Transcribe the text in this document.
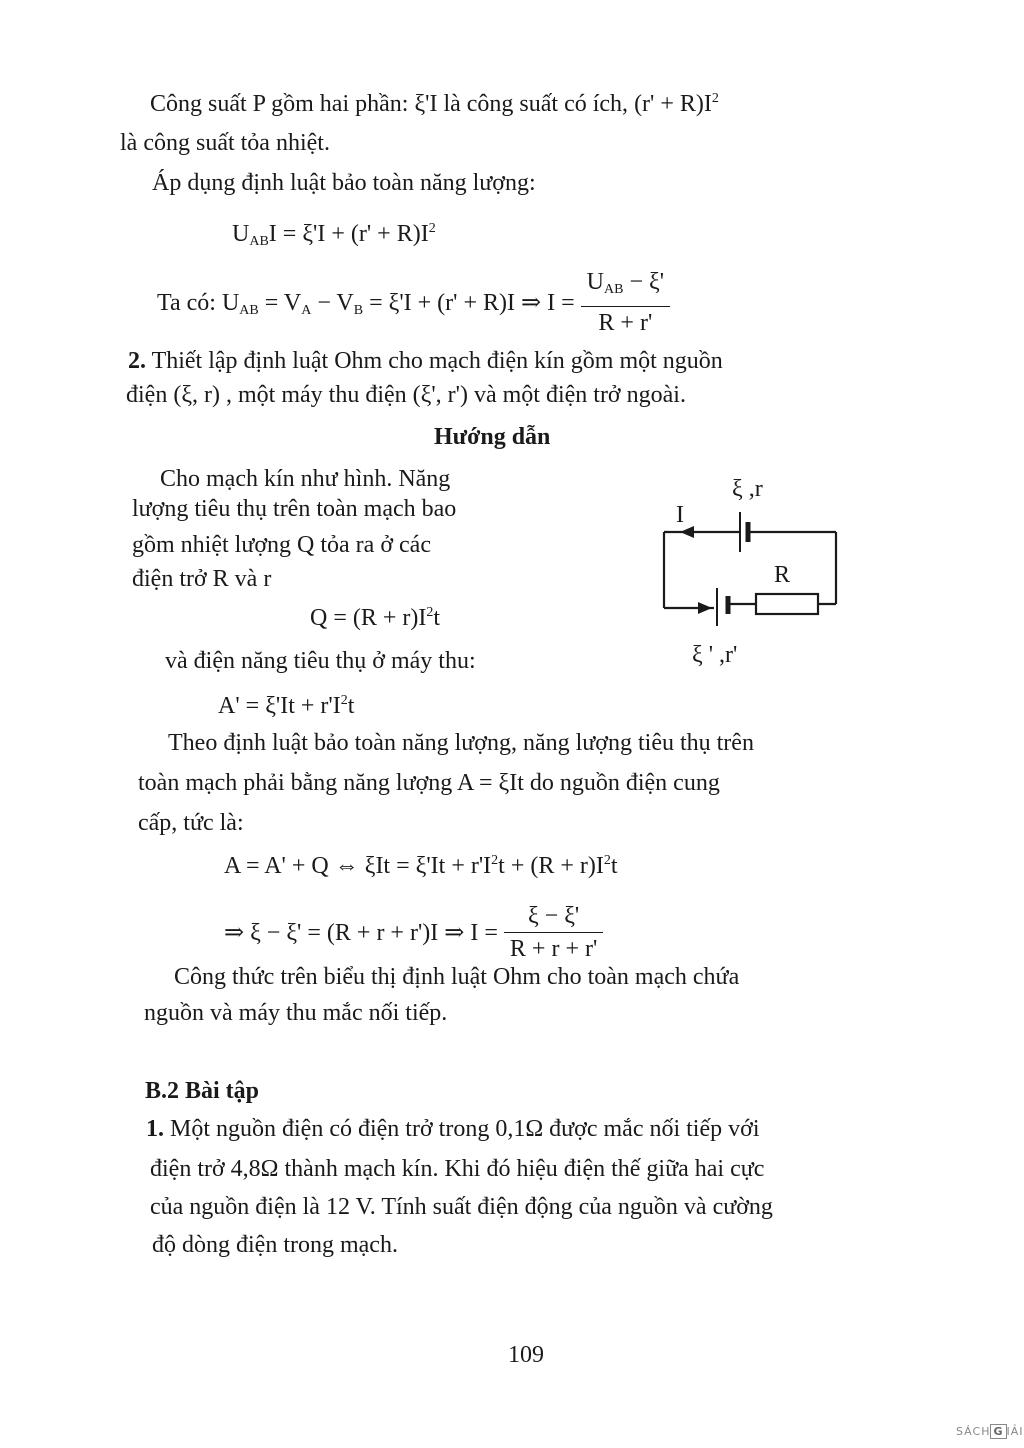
Công suất P gồm hai phần: ξ'I là công suất có ích, $(r' + R)I^2$
là công suất tỏa nhiệt.
Áp dụng định luật bảo toàn năng lượng:
$U_{AB}I = \xi'I + (r' + R)I^2$
Ta có: $U_{AB} = V_A - V_B = \xi'I + (r' + R)I$ ⇒ $I = \frac{U_{AB} - \xi'}{R + r'}$
2. Thiết lập định luật Ohm cho mạch điện kín gồm một nguồn
điện (ξ, r) , một máy thu điện (ξ', r') và một điện trở ngoài.
Hướng dẫn
Cho mạch kín như hình. Năng
lượng tiêu thụ trên toàn mạch bao
gồm nhiệt lượng Q tỏa ra ở các
điện trở R và r
$Q = (R + r)I^2t$
và điện năng tiêu thụ ở máy thu:
$A' = \xi'It + r'I^2t$
ξ ,r
I
R
ξ ' ,r'
Theo định luật bảo toàn năng lượng, năng lượng tiêu thụ trên
toàn mạch phải bằng năng lượng A = ξIt do nguồn điện cung
cấp, tức là:
A = A' + Q ⇔ $\xi It = \xi'It + r'I^2t + (R + r)I^2t$
⇒ ξ − ξ' = (R + r + r')I ⇒ $I = \frac{\xi - \xi'}{R + r + r'}$
Công thức trên biểu thị định luật Ohm cho toàn mạch chứa
nguồn và máy thu mắc nối tiếp.
B.2 Bài tập
1. Một nguồn điện có điện trở trong 0,1Ω được mắc nối tiếp với
điện trở 4,8Ω thành mạch kín. Khi đó hiệu điện thế giữa hai cực
của nguồn điện là 12 V. Tính suất điện động của nguồn và cường
độ dòng điện trong mạch.
109
SÁCH G IẢI
